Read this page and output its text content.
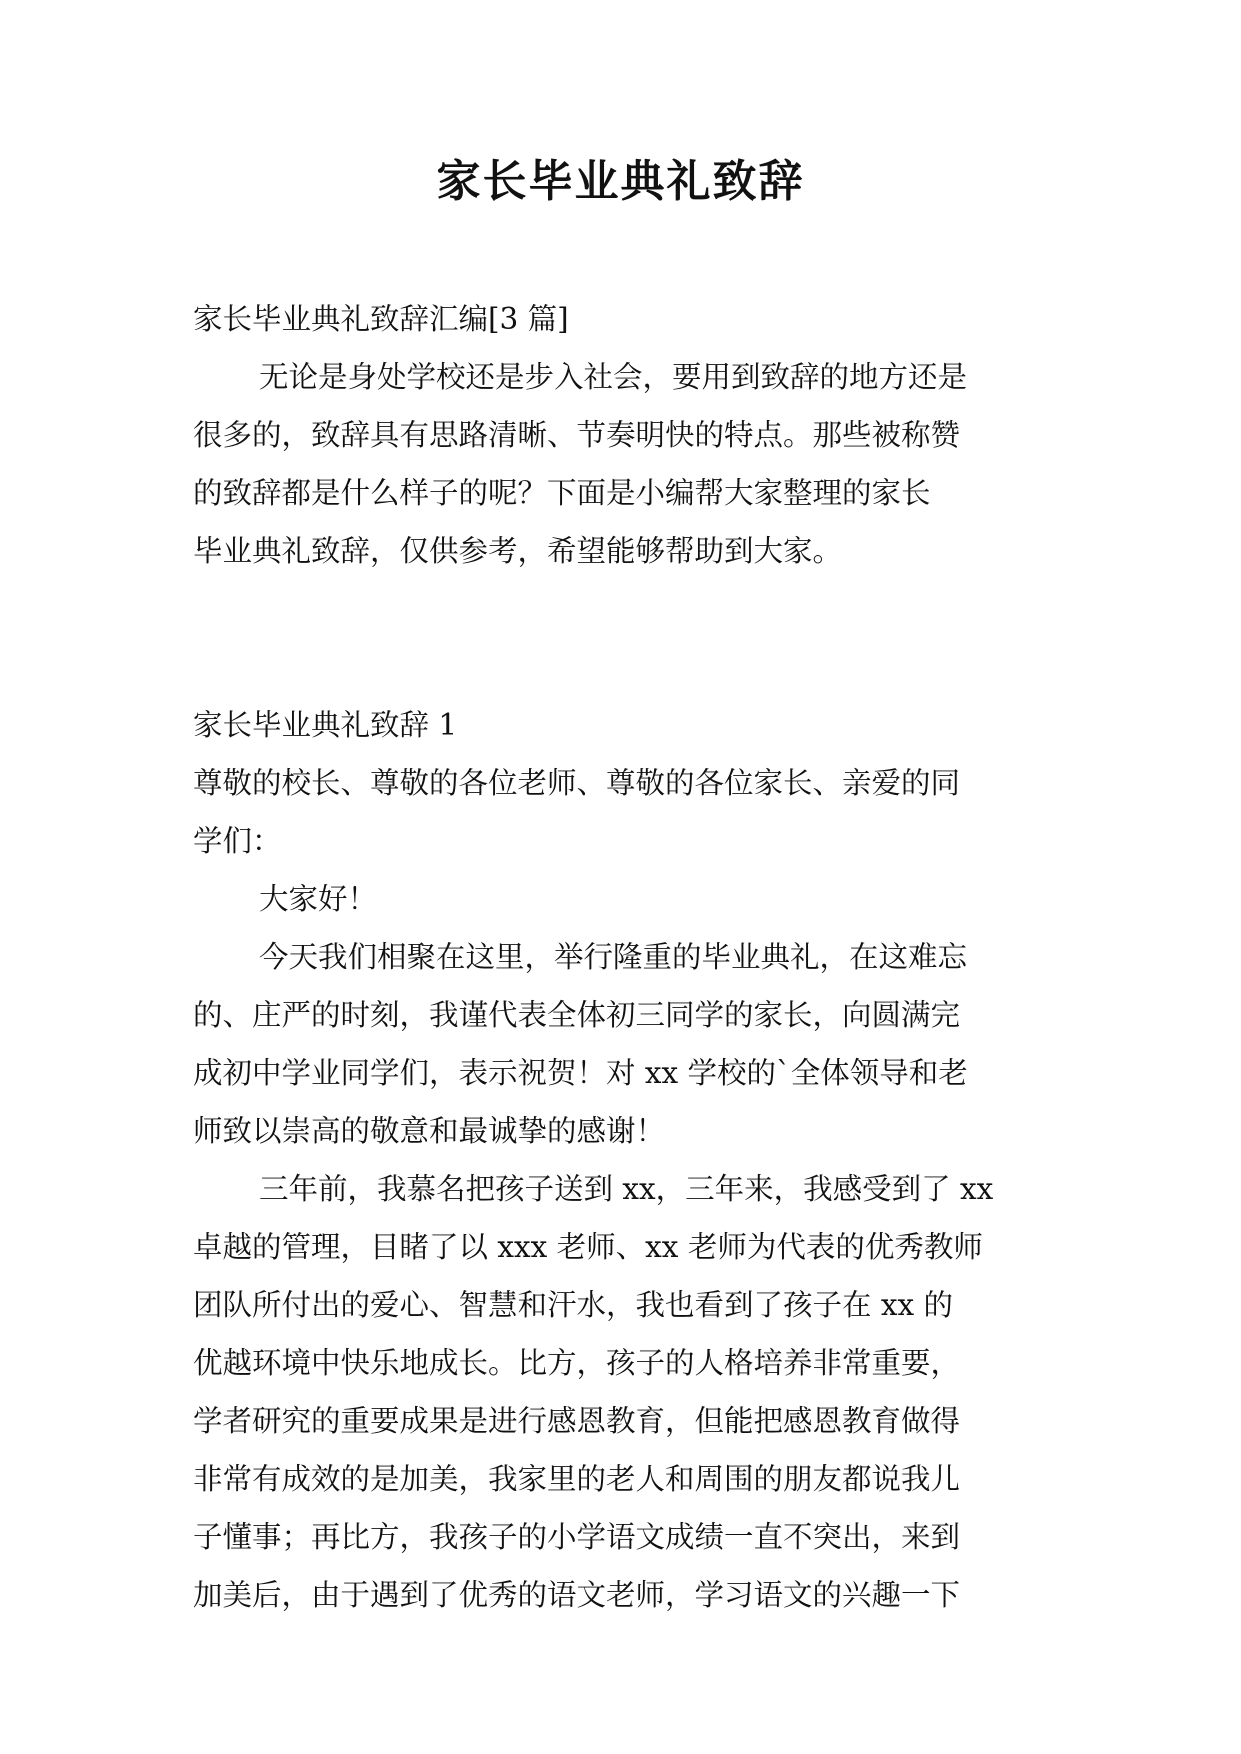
家长毕业典礼致辞
家长毕业典礼致辞汇编[3 篇]
无论是身处学校还是步入社会，要用到致辞的地方还是
很多的，致辞具有思路清晰、节奏明快的特点。那些被称赞
的致辞都是什么样子的呢？下面是小编帮大家整理的家长
毕业典礼致辞，仅供参考，希望能够帮助到大家。
家长毕业典礼致辞 1
尊敬的校长、尊敬的各位老师、尊敬的各位家长、亲爱的同
学们：
大家好！
今天我们相聚在这里，举行隆重的毕业典礼，在这难忘
的、庄严的时刻，我谨代表全体初三同学的家长，向圆满完
成初中学业同学们，表示祝贺！对 xx 学校的`全体领导和老
师致以崇高的敬意和最诚挚的感谢！
三年前，我慕名把孩子送到 xx，三年来，我感受到了 xx
卓越的管理，目睹了以 xxx 老师、xx 老师为代表的优秀教师
团队所付出的爱心、智慧和汗水，我也看到了孩子在 xx 的
优越环境中快乐地成长。比方，孩子的人格培养非常重要，
学者研究的重要成果是进行感恩教育，但能把感恩教育做得
非常有成效的是加美，我家里的老人和周围的朋友都说我儿
子懂事；再比方，我孩子的小学语文成绩一直不突出，来到
加美后，由于遇到了优秀的语文老师，学习语文的兴趣一下
